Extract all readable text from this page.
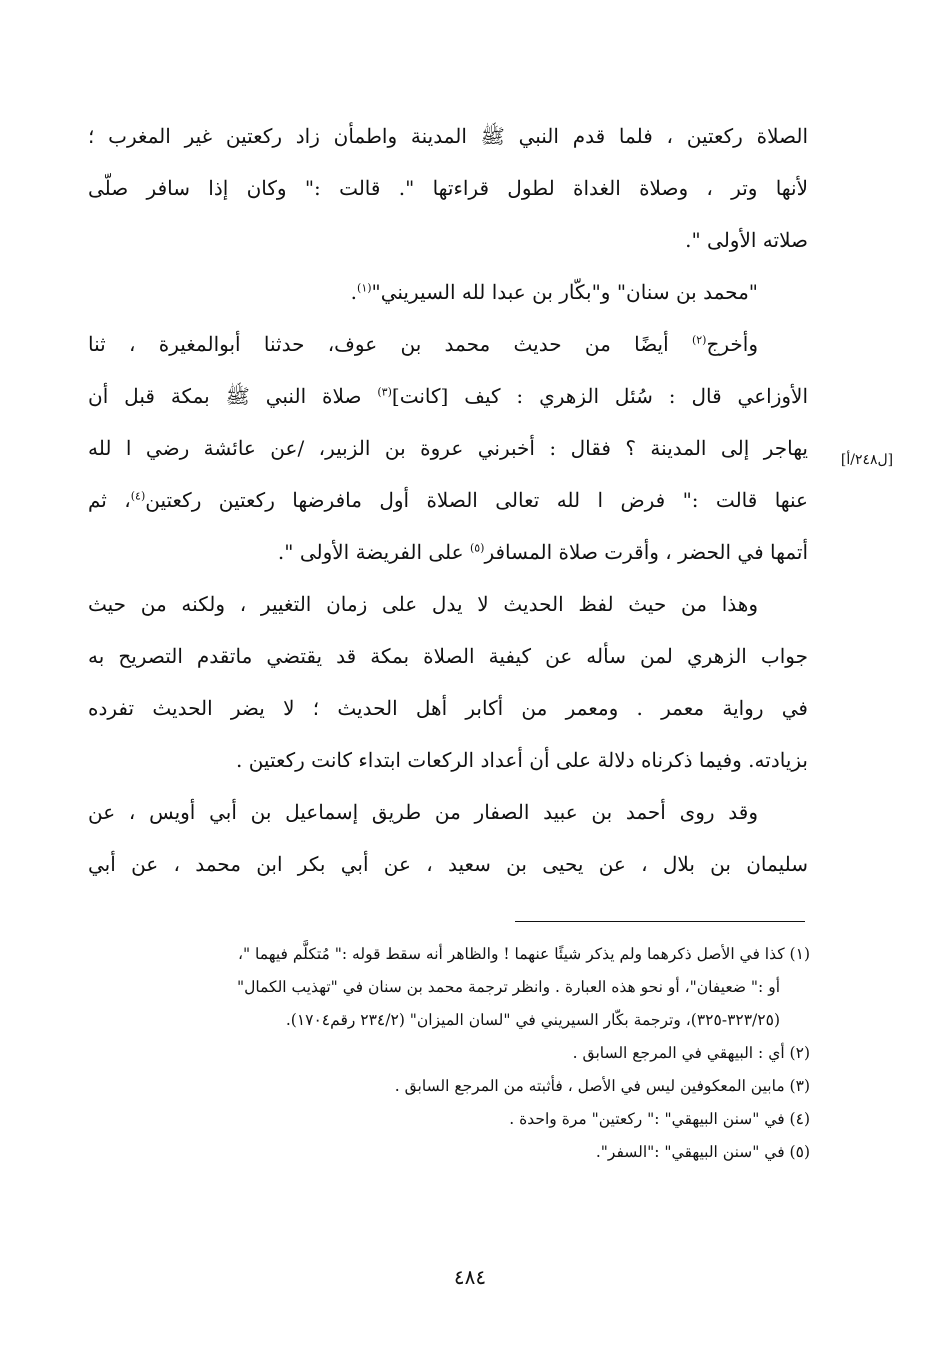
الصلاة ركعتين ، فلما قدم النبي ﷺ المدينة واطمأن زاد ركعتين غير المغرب ؛
لأنها وتر ، وصلاة الغداة لطول قراءتها ". قالت :" وكان إذا سافر صلّى
صلاته الأولى ".
"محمد بن سنان" و"بكّار بن عبدا لله السيريني"$^{(١)}$.
وأخرج$^{(٢)}$ أيضًا من حديث محمد بن عوف، حدثنا أبوالمغيرة ، ثنا
الأوزاعي قال : سُئل الزهري : كيف [كانت]$^{(٣)}$ صلاة النبي ﷺ بمكة قبل أن
يهاجر إلى المدينة ؟ فقال : أخبرني عروة بن الزبير، /عن عائشة رضي ا لله
عنها قالت :" فرض ا لله تعالى الصلاة أول مافرضها ركعتين ركعتين$^{(٤)}$، ثم
أتمها في الحضر ، وأقرت صلاة المسافر$^{(٥)}$ على الفريضة الأولى ".
وهذا من حيث لفظ الحديث لا يدل على زمان التغيير ، ولكنه من حيث
جواب الزهري لمن سأله عن كيفية الصلاة بمكة قد يقتضي ماتقدم التصريح به
في رواية معمر . ومعمر من أكابر أهل الحديث ؛ لا يضر الحديث تفرده
بزيادته. وفيما ذكرناه دلالة على أن أعداد الركعات ابتداء كانت ركعتين .
وقد روى أحمد بن عبيد الصفار من طريق إسماعيل بن أبي أويس ، عن
سليمان بن بلال ، عن يحيى بن سعيد ، عن أبي بكر ابن محمد ، عن أبي
[ل٢٤٨/أ]
(١) كذا في الأصل ذكرهما ولم يذكر شيئًا عنهما ! والظاهر أنه سقط قوله :" مُتكلَّم فيهما "،
أو :" ضعيفان"، أو نحو هذه العبارة . وانظر ترجمة محمد بن سنان في "تهذيب الكمال"
(٣٢٣/٢٥-٣٢٥)، وترجمة بكّار السيريني في "لسان الميزان" (٢٣٤/٢ رقم١٧٠٤).
(٢) أي : البيهقي في المرجع السابق .
(٣) مابين المعكوفين ليس في الأصل ، فأثبته من المرجع السابق .
(٤) في "سنن البيهقي" :" ركعتين" مرة واحدة .
(٥) في "سنن البيهقي" :"السفر".
٤٨٤
